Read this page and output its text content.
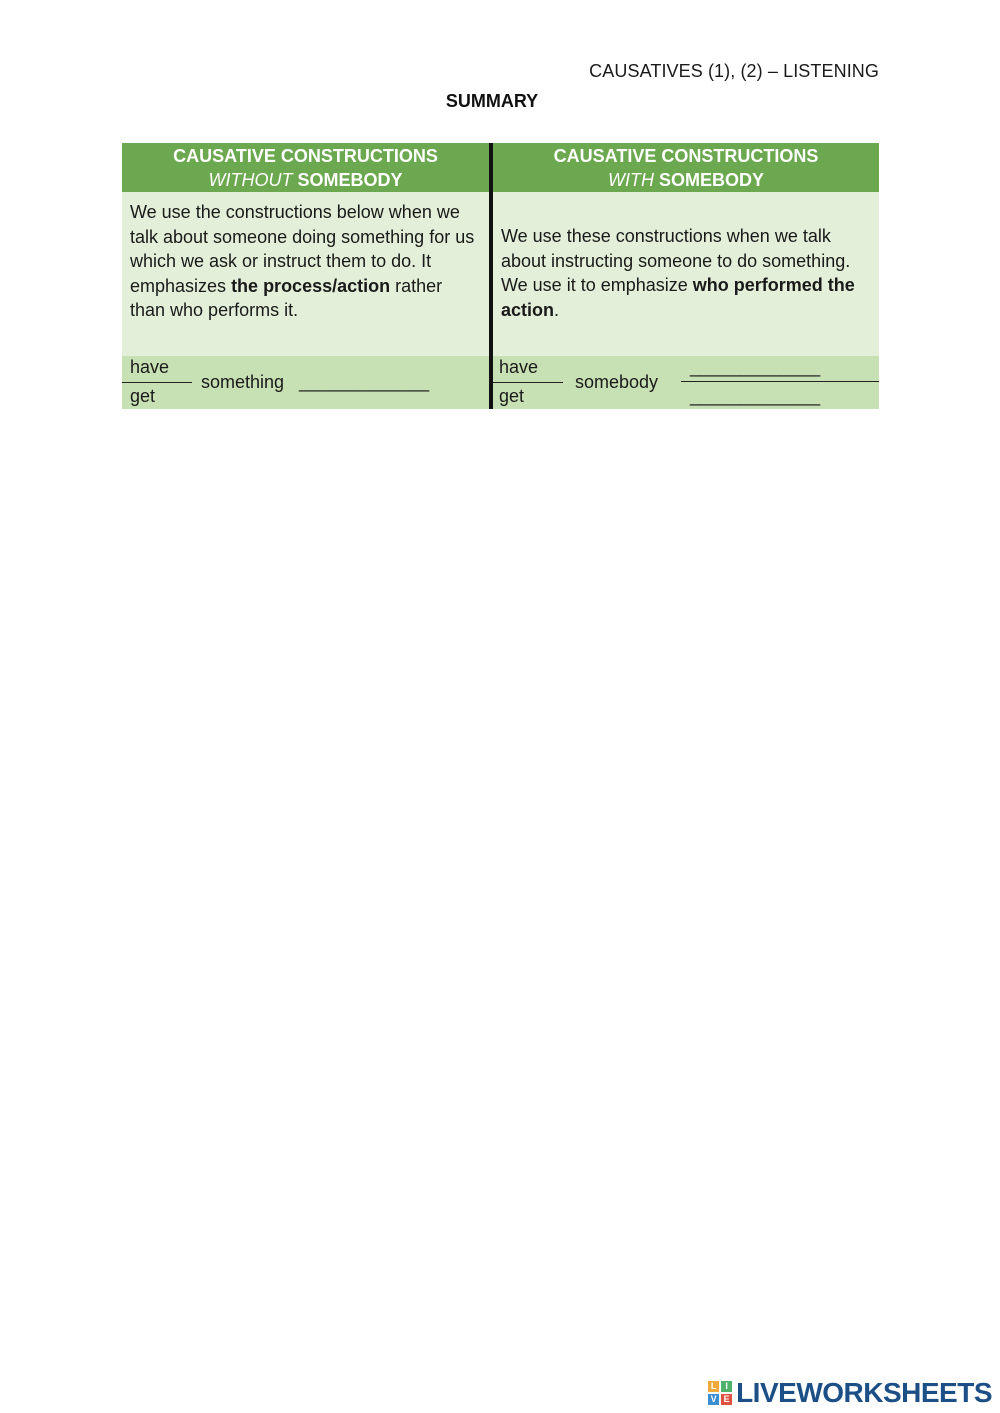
CAUSATIVES (1), (2) – LISTENING
SUMMARY
CAUSATIVE CONSTRUCTIONS
WITHOUT SOMEBODY
We use the constructions below when we talk about someone doing something for us which we ask or instruct them to do. It emphasizes the process/action rather than who performs it.
have
get
something _____________
CAUSATIVE CONSTRUCTIONS
WITH SOMEBODY
We use these constructions when we talk about instructing someone to do something. We use it to emphasize who performed the action.
have
get
somebody
_____________
_____________
L I
V E LIVEWORKSHEETS
